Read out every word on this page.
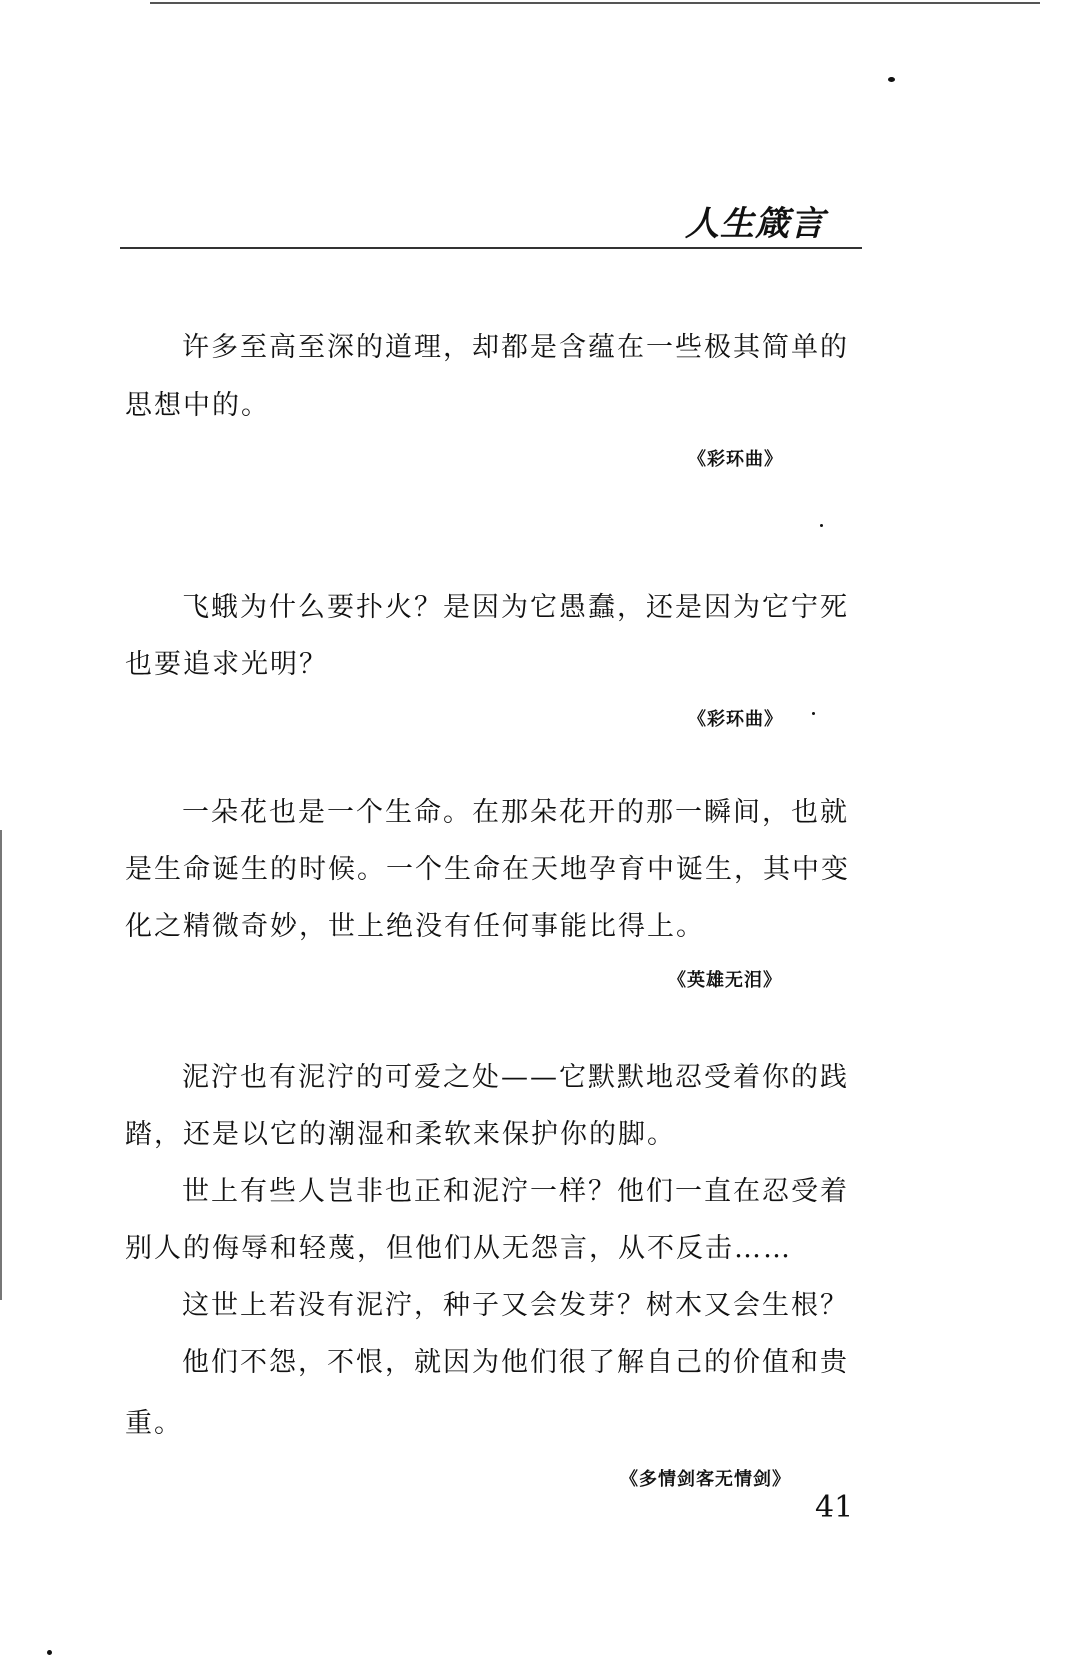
人生箴言
许多至高至深的道理，却都是含蕴在一些极其简单的
思想中的。
《彩环曲》
飞蛾为什么要扑火？是因为它愚蠢，还是因为它宁死
也要追求光明？
《彩环曲》
一朵花也是一个生命。在那朵花开的那一瞬间，也就
是生命诞生的时候。一个生命在天地孕育中诞生，其中变
化之精微奇妙，世上绝没有任何事能比得上。
《英雄无泪》
泥泞也有泥泞的可爱之处——它默默地忍受着你的践
踏，还是以它的潮湿和柔软来保护你的脚。
世上有些人岂非也正和泥泞一样？他们一直在忍受着
别人的侮辱和轻蔑，但他们从无怨言，从不反击……
这世上若没有泥泞，种子又会发芽？树木又会生根？
他们不怨，不恨，就因为他们很了解自己的价值和贵
重。
《多情剑客无情剑》
41
